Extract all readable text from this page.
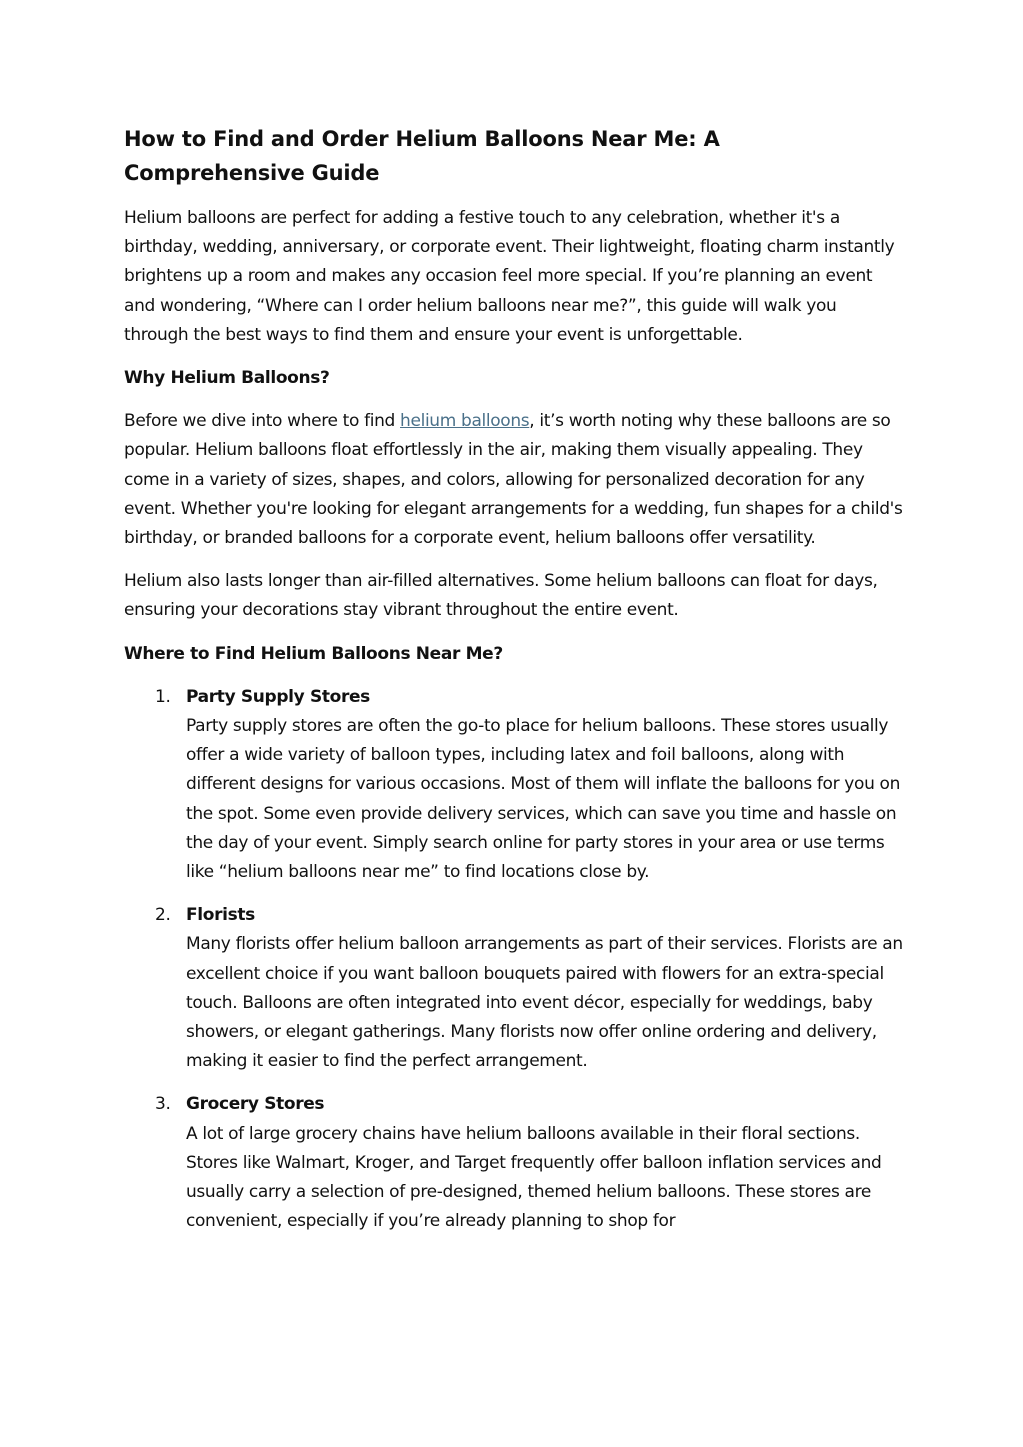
How to Find and Order Helium Balloons Near Me: A Comprehensive Guide

Helium balloons are perfect for adding a festive touch to any celebration, whether it's a birthday, wedding, anniversary, or corporate event. Their lightweight, floating charm instantly brightens up a room and makes any occasion feel more special. If you’re planning an event and wondering, “Where can I order helium balloons near me?”, this guide will walk you through the best ways to find them and ensure your event is unforgettable.

Why Helium Balloons?

Before we dive into where to find helium balloons, it’s worth noting why these balloons are so popular. Helium balloons float effortlessly in the air, making them visually appealing. They come in a variety of sizes, shapes, and colors, allowing for personalized decoration for any event. Whether you're looking for elegant arrangements for a wedding, fun shapes for a child's birthday, or branded balloons for a corporate event, helium balloons offer versatility.

Helium also lasts longer than air-filled alternatives. Some helium balloons can float for days, ensuring your decorations stay vibrant throughout the entire event.

Where to Find Helium Balloons Near Me?

1. Party Supply Stores
Party supply stores are often the go-to place for helium balloons. These stores usually offer a wide variety of balloon types, including latex and foil balloons, along with different designs for various occasions. Most of them will inflate the balloons for you on the spot. Some even provide delivery services, which can save you time and hassle on the day of your event. Simply search online for party stores in your area or use terms like “helium balloons near me” to find locations close by.
2. Florists
Many florists offer helium balloon arrangements as part of their services. Florists are an excellent choice if you want balloon bouquets paired with flowers for an extra-special touch. Balloons are often integrated into event décor, especially for weddings, baby showers, or elegant gatherings. Many florists now offer online ordering and delivery, making it easier to find the perfect arrangement.
3. Grocery Stores
A lot of large grocery chains have helium balloons available in their floral sections. Stores like Walmart, Kroger, and Target frequently offer balloon inflation services and usually carry a selection of pre-designed, themed helium balloons. These stores are convenient, especially if you’re already planning to shop for
